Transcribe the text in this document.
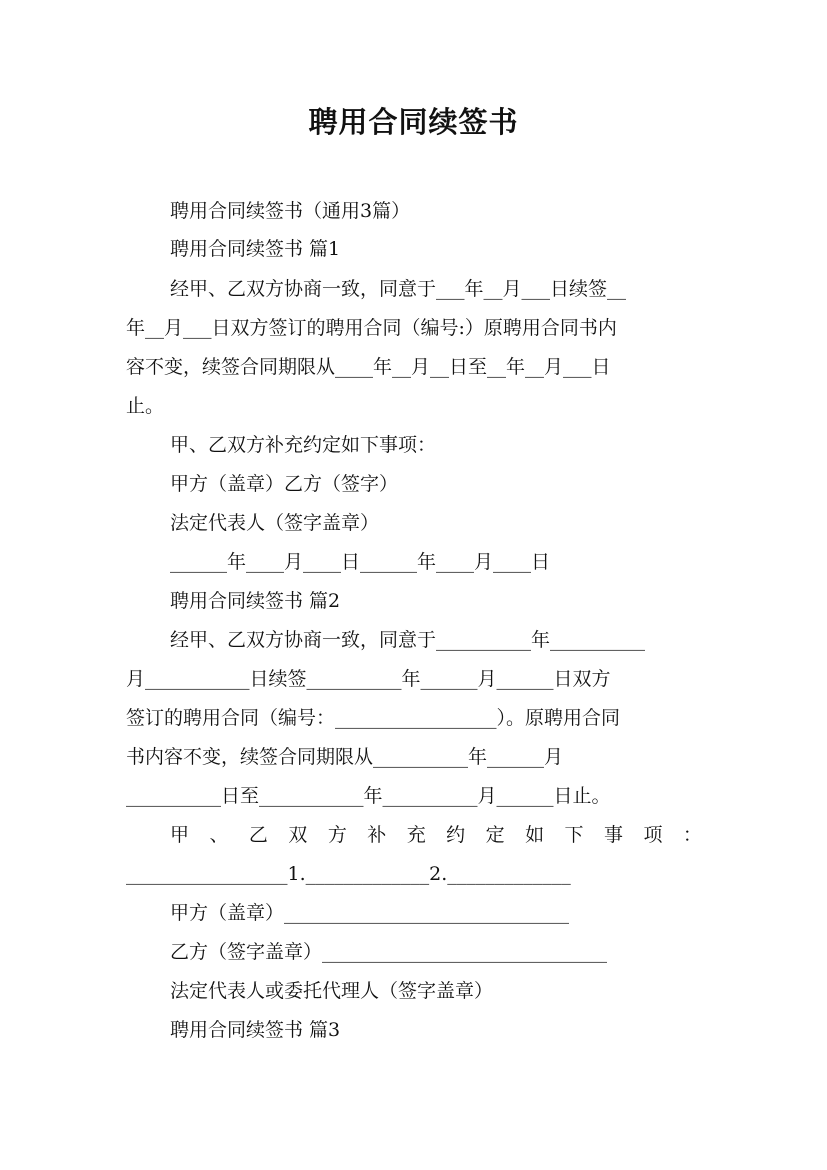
聘用合同续签书
聘用合同续签书（通用3篇）
聘用合同续签书 篇1
经甲、乙双方协商一致，同意于___年__月___日续签__
年__月___日双方签订的聘用合同（编号:）原聘用合同书内
容不变，续签合同期限从____年__月__日至__年__月___日
止。
甲、乙双方补充约定如下事项：
甲方（盖章）乙方（签字）
法定代表人（签字盖章）
______年____月____日______年____月____日
聘用合同续签书 篇2
经甲、乙双方协商一致，同意于__________年__________
月___________日续签__________年______月______日双方
签订的聘用合同（编号：_________________）。原聘用合同
书内容不变，续签合同期限从__________年______月
__________日至___________年__________月______日止。
甲 、 乙 双 方 补 充 约 定 如 下 事 项 ：
_________________1._____________2._____________
甲方（盖章）______________________________
乙方（签字盖章）______________________________
法定代表人或委托代理人（签字盖章）
聘用合同续签书 篇3
